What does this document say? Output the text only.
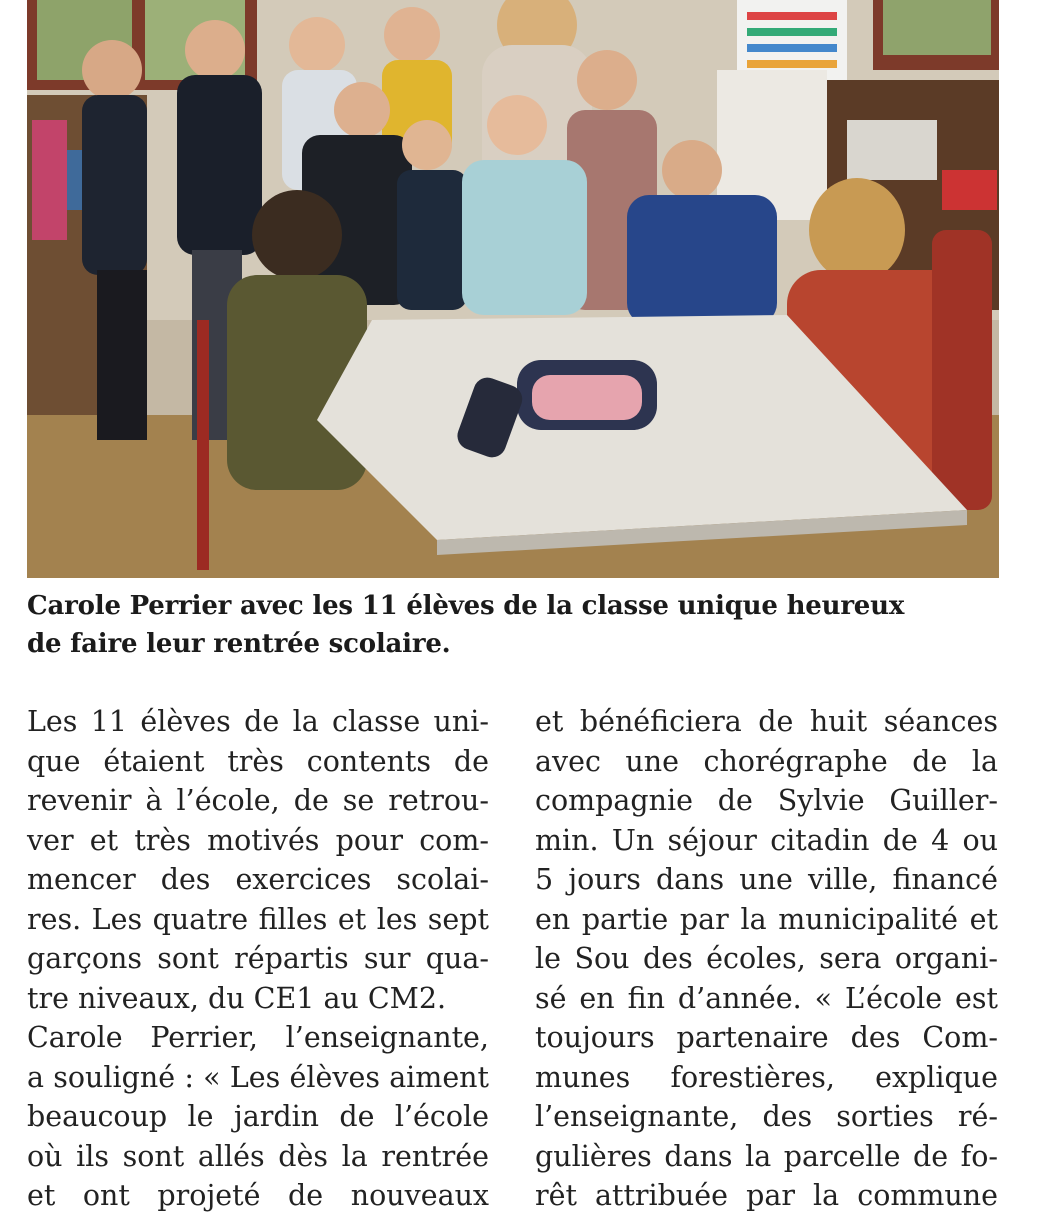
Carole Perrier avec les 11 élèves de la classe unique heureux
de faire leur rentrée scolaire.
Les 11 élèves de la classe uni-
que étaient très contents de
revenir à l’école, de se retrou-
ver et très motivés pour com-
mencer des exercices scolai-
res. Les quatre filles et les sept
garçons sont répartis sur qua-
tre niveaux, du CE1 au CM2.
Carole Perrier, l’enseignante,
a souligné : « Les élèves aiment
beaucoup le jardin de l’école
où ils sont allés dès la rentrée
et ont projeté de nouveaux
et bénéficiera de huit séances
avec une chorégraphe de la
compagnie de Sylvie Guiller-
min. Un séjour citadin de 4 ou
5 jours dans une ville, financé
en partie par la municipalité et
le Sou des écoles, sera organi-
sé en fin d’année. « L’école est
toujours partenaire des Com-
munes forestières, explique
l’enseignante, des sorties ré-
gulières dans la parcelle de fo-
rêt attribuée par la commune
